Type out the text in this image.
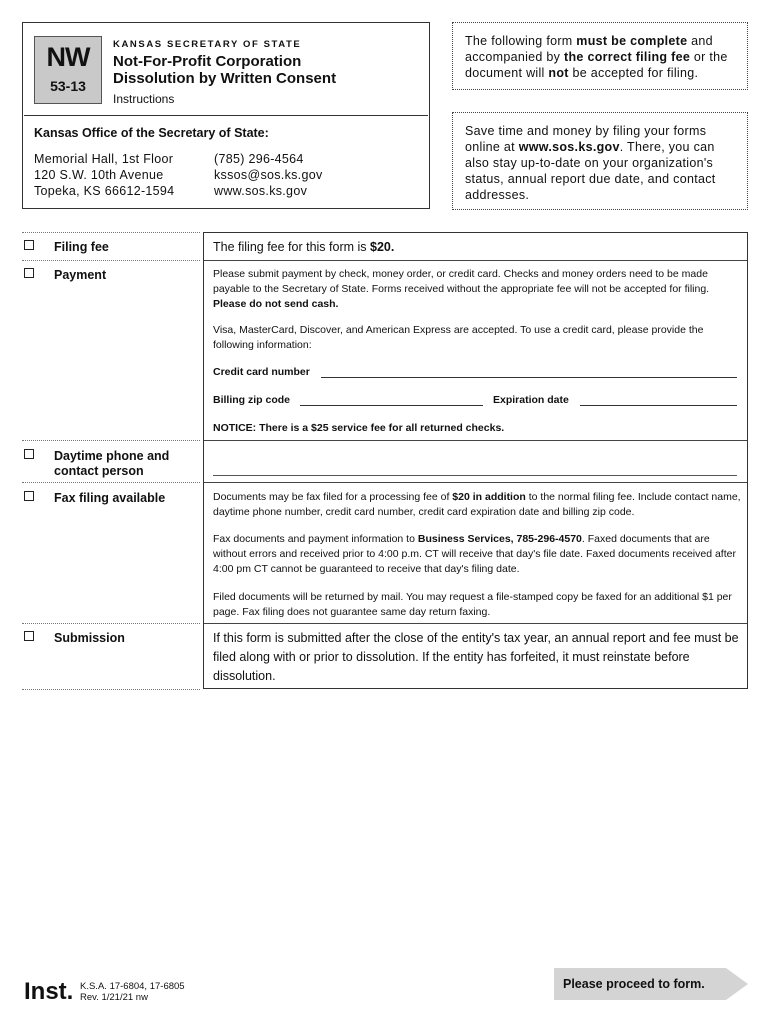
NW
53-13
KANSAS SECRETARY OF STATE
Not-For-Profit Corporation
Dissolution by Written Consent
Instructions
Kansas Office of the Secretary of State:
Memorial Hall, 1st Floor
120 S.W. 10th Avenue
Topeka, KS 66612-1594
(785) 296-4564
kssos@sos.ks.gov
www.sos.ks.gov
The following form must be complete and accompanied by the correct filing fee or the document will not be accepted for filing.
Save time and money by filing your forms online at www.sos.ks.gov. There, you can also stay up-to-date on your organization's status, annual report due date, and contact addresses.
Filing fee
Payment
Daytime phone and
contact person
Fax filing available
Submission
The filing fee for this form is $20.
Please submit payment by check, money order, or credit card. Checks and money orders need to be made payable to the Secretary of State. Forms received without the appropriate fee will not be accepted for filing. Please do not send cash.
Visa, MasterCard, Discover, and American Express are accepted. To use a credit card, please provide the following information:
Credit card number
Billing zip code	Expiration date
NOTICE: There is a $25 service fee for all returned checks.
Documents may be fax filed for a processing fee of $20 in addition to the normal filing fee. Include contact name, daytime phone number, credit card number, credit card expiration date and billing zip code.
Fax documents and payment information to Business Services, 785-296-4570. Faxed documents that are without errors and received prior to 4:00 p.m. CT will receive that day's file date. Faxed documents received after 4:00 pm CT cannot be guaranteed to receive that day's filing date.
Filed documents will be returned by mail. You may request a file-stamped copy be faxed for an additional $1 per page. Fax filing does not guarantee same day return faxing.
If this form is submitted after the close of the entity's tax year, an annual report and fee must be filed along with or prior to dissolution. If the entity has forfeited, it must reinstate before dissolution.
Inst. K.S.A. 17-6804, 17-6805
Rev. 1/21/21 nw
Please proceed to form.
